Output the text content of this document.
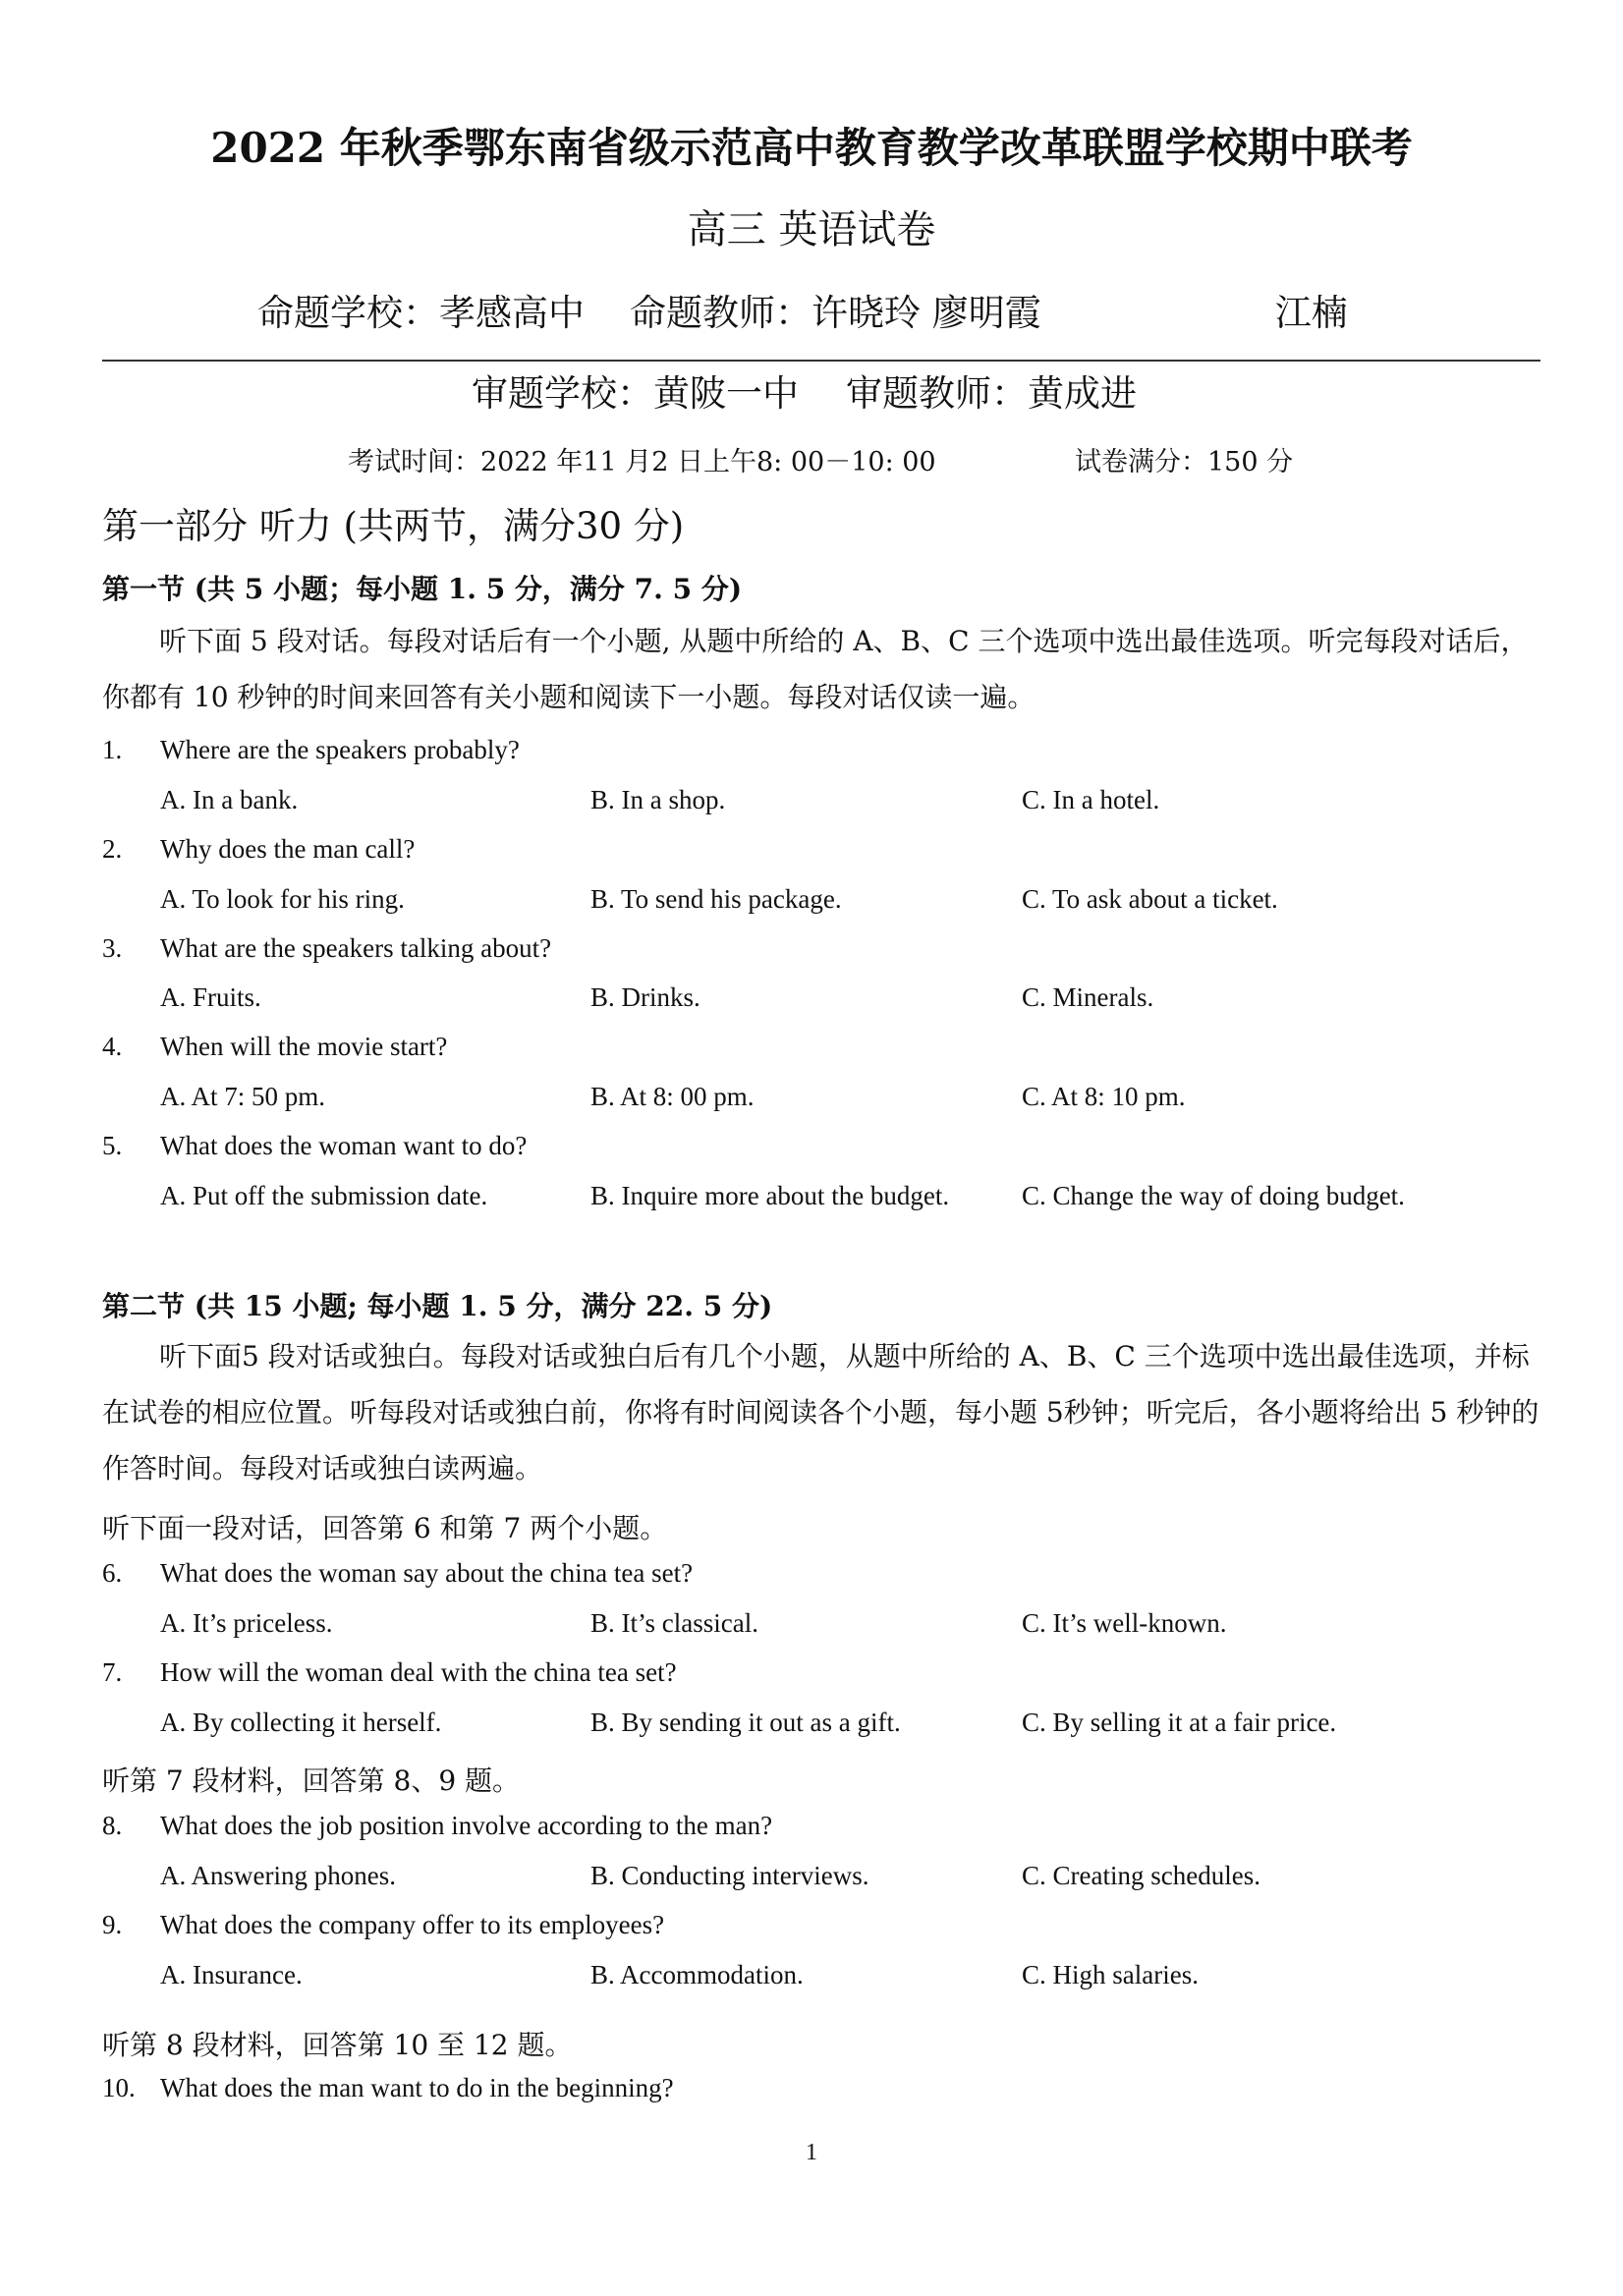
2022 年秋季鄂东南省级示范高中教育教学改革联盟学校期中联考
高三 英语试卷
命题学校：孝感高中 命题教师：许晓玲 廖明霞	江楠
审题学校：黄陂一中 审题教师：黄成进
考试时间：2022 年11 月2 日上午8: 00－10: 00	试卷满分：150 分
第一部分 听力 (共两节，满分30 分)
第一节 (共 5 小题；每小题 1. 5 分，满分 7. 5 分)
听下面 5 段对话。每段对话后有一个小题, 从题中所给的 A、B、C 三个选项中选出最佳选项。听完每段对话后，你都有 10 秒钟的时间来回答有关小题和阅读下一小题。每段对话仅读一遍。
第二节 (共 15 小题; 每小题 1. 5 分，满分 22. 5 分)
听下面5 段对话或独白。每段对话或独白后有几个小题，从题中所给的 A、B、C 三个选项中选出最佳选项，并标在试卷的相应位置。听每段对话或独白前，你将有时间阅读各个小题，每小题 5秒钟；听完后，各小题将给出 5 秒钟的作答时间。每段对话或独白读两遍。
听下面一段对话，回答第 6 和第 7 两个小题。
听第 7 段材料，回答第 8、9 题。
听第 8 段材料，回答第 10 至 12 题。
1. Where are the speakers probably?
A. In a bank.	B. In a shop.	C. In a hotel.
2. Why does the man call?
A. To look for his ring.	B. To send his package.	C. To ask about a ticket.
3. What are the speakers talking about?
A. Fruits.	B. Drinks.	C. Minerals.
4. When will the movie start?
A. At 7: 50 pm.	B. At 8: 00 pm.	C. At 8: 10 pm.
5. What does the woman want to do?
A. Put off the submission date.	B. Inquire more about the budget.	C. Change the way of doing budget.
6. What does the woman say about the china tea set?
A. It’s priceless.	B. It’s classical.	C. It’s well-known.
7. How will the woman deal with the china tea set?
A. By collecting it herself.	B. By sending it out as a gift.	C. By selling it at a fair price.
8. What does the job position involve according to the man?
A. Answering phones.	B. Conducting interviews.	C. Creating schedules.
9. What does the company offer to its employees?
A. Insurance.	B. Accommodation.	C. High salaries.
10. What does the man want to do in the beginning?
1
